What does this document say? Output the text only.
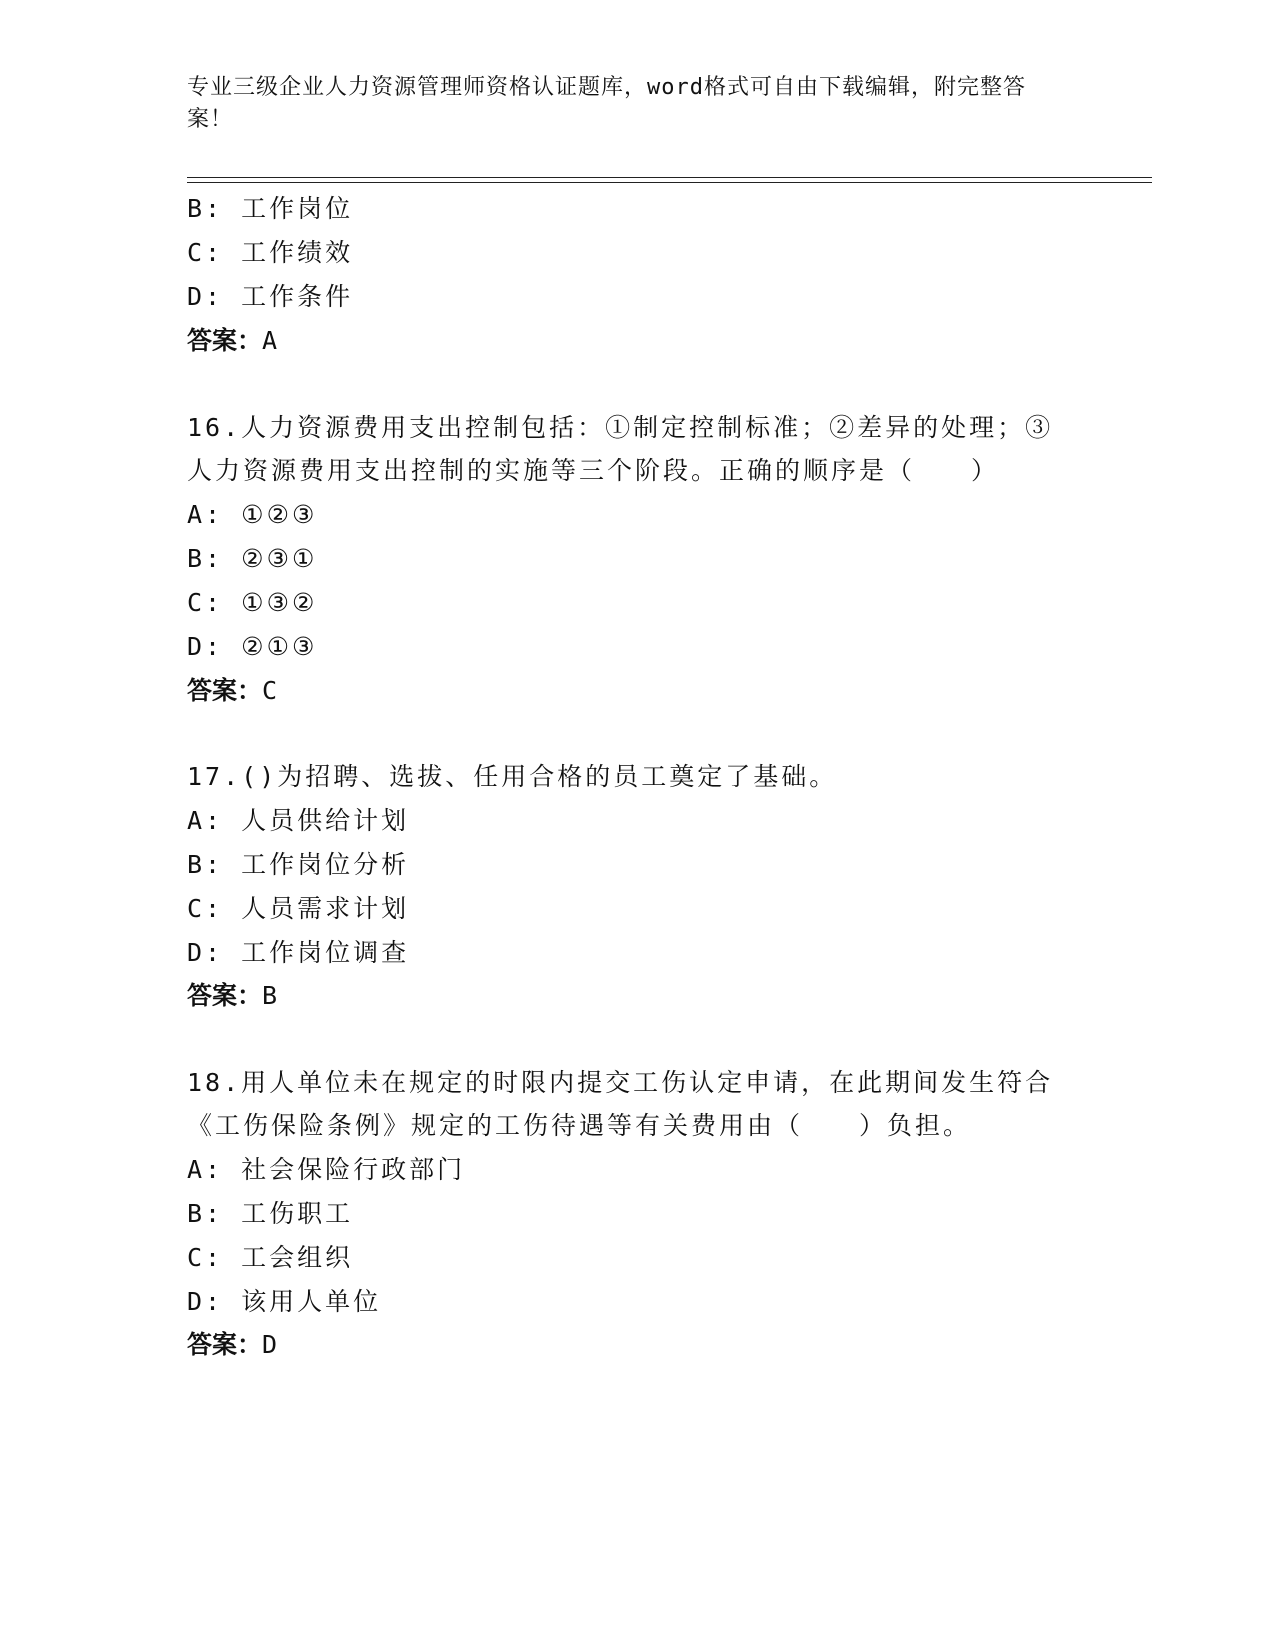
专业三级企业人力资源管理师资格认证题库，word格式可自由下载编辑，附完整答案！
B: 工作岗位
C: 工作绩效
D: 工作条件
答案：A
16.人力资源费用支出控制包括：①制定控制标准；②差异的处理；③
人力资源费用支出控制的实施等三个阶段。正确的顺序是（　　）
A: ①②③
B: ②③①
C: ①③②
D: ②①③
答案：C
17.()为招聘、选拔、任用合格的员工奠定了基础。
A: 人员供给计划
B: 工作岗位分析
C: 人员需求计划
D: 工作岗位调查
答案：B
18.用人单位未在规定的时限内提交工伤认定申请，在此期间发生符合
《工伤保险条例》规定的工伤待遇等有关费用由（　　）负担。
A: 社会保险行政部门
B: 工伤职工
C: 工会组织
D: 该用人单位
答案：D
